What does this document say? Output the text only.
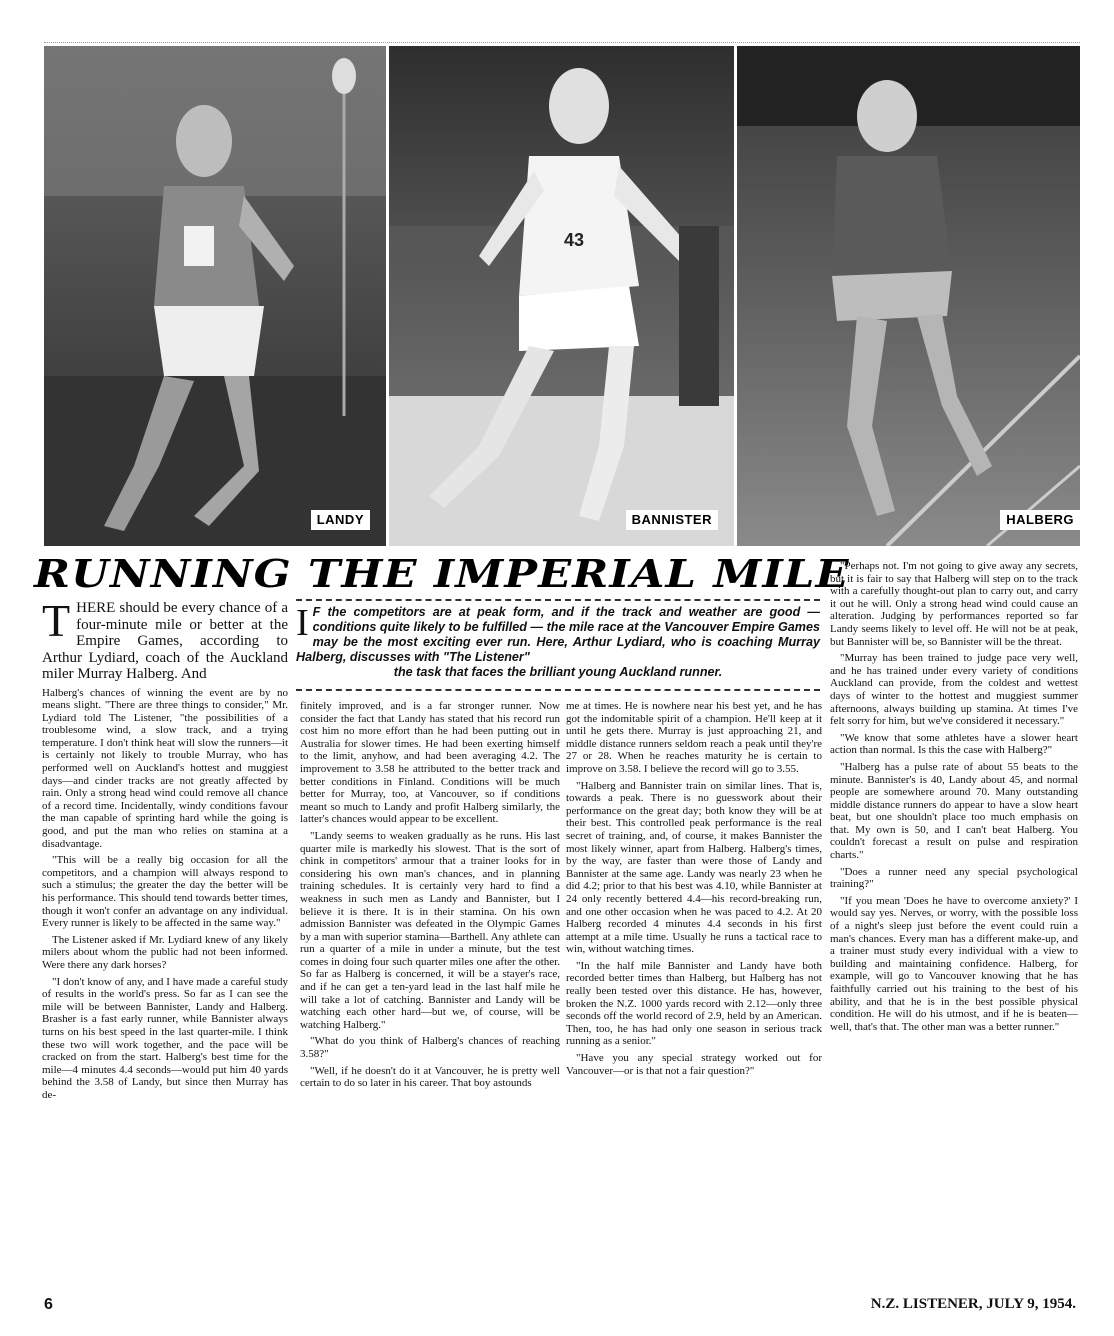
LANDY
43
BANNISTER	HALBERG
RUNNING THE IMPERIAL MILE
I F the competitors are at peak form, and if the track and weather are good — conditions quite likely to be fulfilled — the mile race at the Vancouver Empire Games may be the most exciting ever run. Here, Arthur Lydiard, who is coaching Murray Halberg, discusses with "The Listener"
the task that faces the brilliant young Auckland runner.

THERE should be every chance of a four-minute mile or better at the Empire Games, according to Arthur Lydiard, coach of the Auckland miler Murray Halberg. And

Halberg's chances of winning the event are by no means slight. "There are three things to consider," Mr. Lydiard told The Listener, "the possibilities of a troublesome wind, a slow track, and a trying temperature. I don't think heat will slow the runners—it is certainly not likely to trouble Murray, who has performed well on Auckland's hottest and muggiest days—and cinder tracks are not greatly affected by rain. Only a strong head wind could remove all chance of a record time. Incidentally, windy conditions favour the man capable of sprinting hard while the going is good, and put the man who relies on stamina at a disadvantage.

"This will be a really big occasion for all the competitors, and a champion will always respond to such a stimulus; the greater the day the better will be his performance. This should tend towards better times, though it won't confer an advantage on any individual. Every runner is likely to be affected in the same way."

The Listener asked if Mr. Lydiard knew of any likely milers about whom the public had not been informed. Were there any dark horses?

"I don't know of any, and I have made a careful study of results in the world's press. So far as I can see the mile will be between Bannister, Landy and Halberg. Brasher is a fast early runner, while Bannister always turns on his best speed in the last quarter-mile. I think these two will work together, and the pace will be cracked on from the start. Halberg's best time for the mile—4 minutes 4.4 seconds—would put him 40 yards behind the 3.58 of Landy, but since then Murray has de-

finitely improved, and is a far stronger runner. Now consider the fact that Landy has stated that his record run cost him no more effort than he had been putting out in Australia for slower times. He had been exerting himself to the limit, anyhow, and had been averaging 4.2. The improvement to 3.58 he attributed to the better track and better conditions in Finland. Conditions will be much better for Murray, too, at Vancouver, so if conditions meant so much to Landy and profit Halberg similarly, the latter's chances would appear to be excellent.

"Landy seems to weaken gradually as he runs. His last quarter mile is markedly his slowest. That is the sort of chink in competitors' armour that a trainer looks for in considering his own man's chances, and in planning training schedules. It is certainly very hard to find a weakness in such men as Landy and Bannister, but I believe it is there. It is in their stamina. On his own admission Bannister was defeated in the Olympic Games by a man with superior stamina—Barthell. Any athlete can run a quarter of a mile in under a minute, but the test comes in doing four such quarter miles one after the other. So far as Halberg is concerned, it will be a stayer's race, and if he can get a ten-yard lead in the last half mile he will take a lot of catching. Bannister and Landy will be watching each other hard—but we, of course, will be watching Halberg."

"What do you think of Halberg's chances of reaching 3.58?"

"Well, if he doesn't do it at Vancouver, he is pretty well certain to do so later in his career. That boy astounds

me at times. He is nowhere near his best yet, and he has got the indomitable spirit of a champion. He'll keep at it until he gets there. Murray is just approaching 21, and middle distance runners seldom reach a peak until they're 27 or 28. When he reaches maturity he is certain to improve on 3.58. I believe the record will go to 3.55.

"Halberg and Bannister train on similar lines. That is, towards a peak. There is no guesswork about their performance on the great day; both know they will be at their best. This controlled peak performance is the real secret of training, and, of course, it makes Bannister the most likely winner, apart from Halberg. Halberg's times, by the way, are faster than were those of Landy and Bannister at the same age. Landy was nearly 23 when he did 4.2; prior to that his best was 4.10, while Bannister at 24 only recently bettered 4.4—his record-breaking run, and one other occasion when he was paced to 4.2. At 20 Halberg recorded 4 minutes 4.4 seconds in his first attempt at a mile time. Usually he runs a tactical race to win, without watching times.

"In the half mile Bannister and Landy have both recorded better times than Halberg, but Halberg has not really been tested over this distance. He has, however, broken the N.Z. 1000 yards record with 2.12—only three seconds off the world record of 2.9, held by an American. Then, too, he has had only one season in serious track running as a senior."

"Have you any special strategy worked out for Vancouver—or is that not a fair question?"

"Perhaps not. I'm not going to give away any secrets, but it is fair to say that Halberg will step on to the track with a carefully thought-out plan to carry out, and carry it out he will. Only a strong head wind could cause an alteration. Judging by performances reported so far Landy seems likely to level off. He will not be at peak, but Bannister will be, so Bannister will be the threat.

"Murray has been trained to judge pace very well, and he has trained under every variety of conditions Auckland can provide, from the coldest and wettest days of winter to the hottest and muggiest summer afternoons, always building up stamina. At times I've felt sorry for him, but we've considered it necessary."

"We know that some athletes have a slower heart action than normal. Is this the case with Halberg?"

"Halberg has a pulse rate of about 55 beats to the minute. Bannister's is 40, Landy about 45, and normal people are somewhere around 70. Many outstanding middle distance runners do appear to have a slow heart beat, but one shouldn't place too much emphasis on that. My own is 50, and I can't beat Halberg. You couldn't forecast a result on pulse and respiration charts."

"Does a runner need any special psychological training?"

"If you mean 'Does he have to overcome anxiety?' I would say yes. Nerves, or worry, with the possible loss of a night's sleep just before the event could ruin a man's chances. Every man has a different make-up, and a trainer must study every individual with a view to building and maintaining confidence. Halberg, for example, will go to Vancouver knowing that he has faithfully carried out his training to the best of his ability, and that he is in the best possible physical condition. He will do his utmost, and if he is beaten—well, that's that. The other man was a better runner."

6	N.Z. LISTENER, JULY 9, 1954.
